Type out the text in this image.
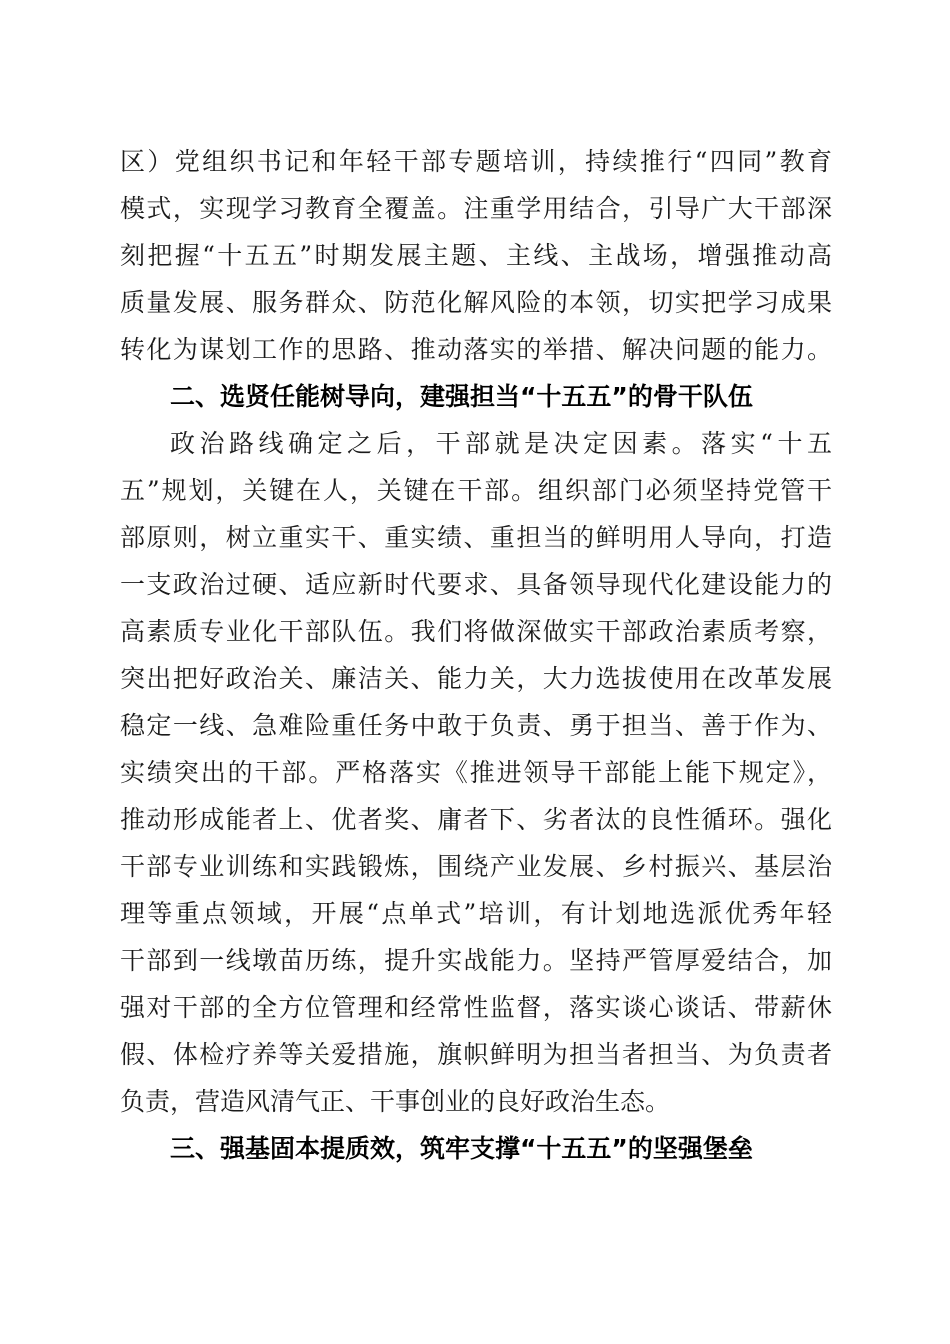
区）党组织书记和年轻干部专题培训，持续推行“四同”教育
模式，实现学习教育全覆盖。注重学用结合，引导广大干部深
刻把握“十五五”时期发展主题、主线、主战场，增强推动高
质量发展、服务群众、防范化解风险的本领，切实把学习成果
转化为谋划工作的思路、推动落实的举措、解决问题的能力。
二、选贤任能树导向，建强担当“十五五”的骨干队伍
政治路线确定之后，干部就是决定因素。落实“十五
五”规划，关键在人，关键在干部。组织部门必须坚持党管干
部原则，树立重实干、重实绩、重担当的鲜明用人导向，打造
一支政治过硬、适应新时代要求、具备领导现代化建设能力的
高素质专业化干部队伍。我们将做深做实干部政治素质考察，
突出把好政治关、廉洁关、能力关，大力选拔使用在改革发展
稳定一线、急难险重任务中敢于负责、勇于担当、善于作为、
实绩突出的干部。严格落实《推进领导干部能上能下规定》，
推动形成能者上、优者奖、庸者下、劣者汰的良性循环。强化
干部专业训练和实践锻炼，围绕产业发展、乡村振兴、基层治
理等重点领域，开展“点单式”培训，有计划地选派优秀年轻
干部到一线墩苗历练，提升实战能力。坚持严管厚爱结合，加
强对干部的全方位管理和经常性监督，落实谈心谈话、带薪休
假、体检疗养等关爱措施，旗帜鲜明为担当者担当、为负责者
负责，营造风清气正、干事创业的良好政治生态。
三、强基固本提质效，筑牢支撑“十五五”的坚强堡垒
